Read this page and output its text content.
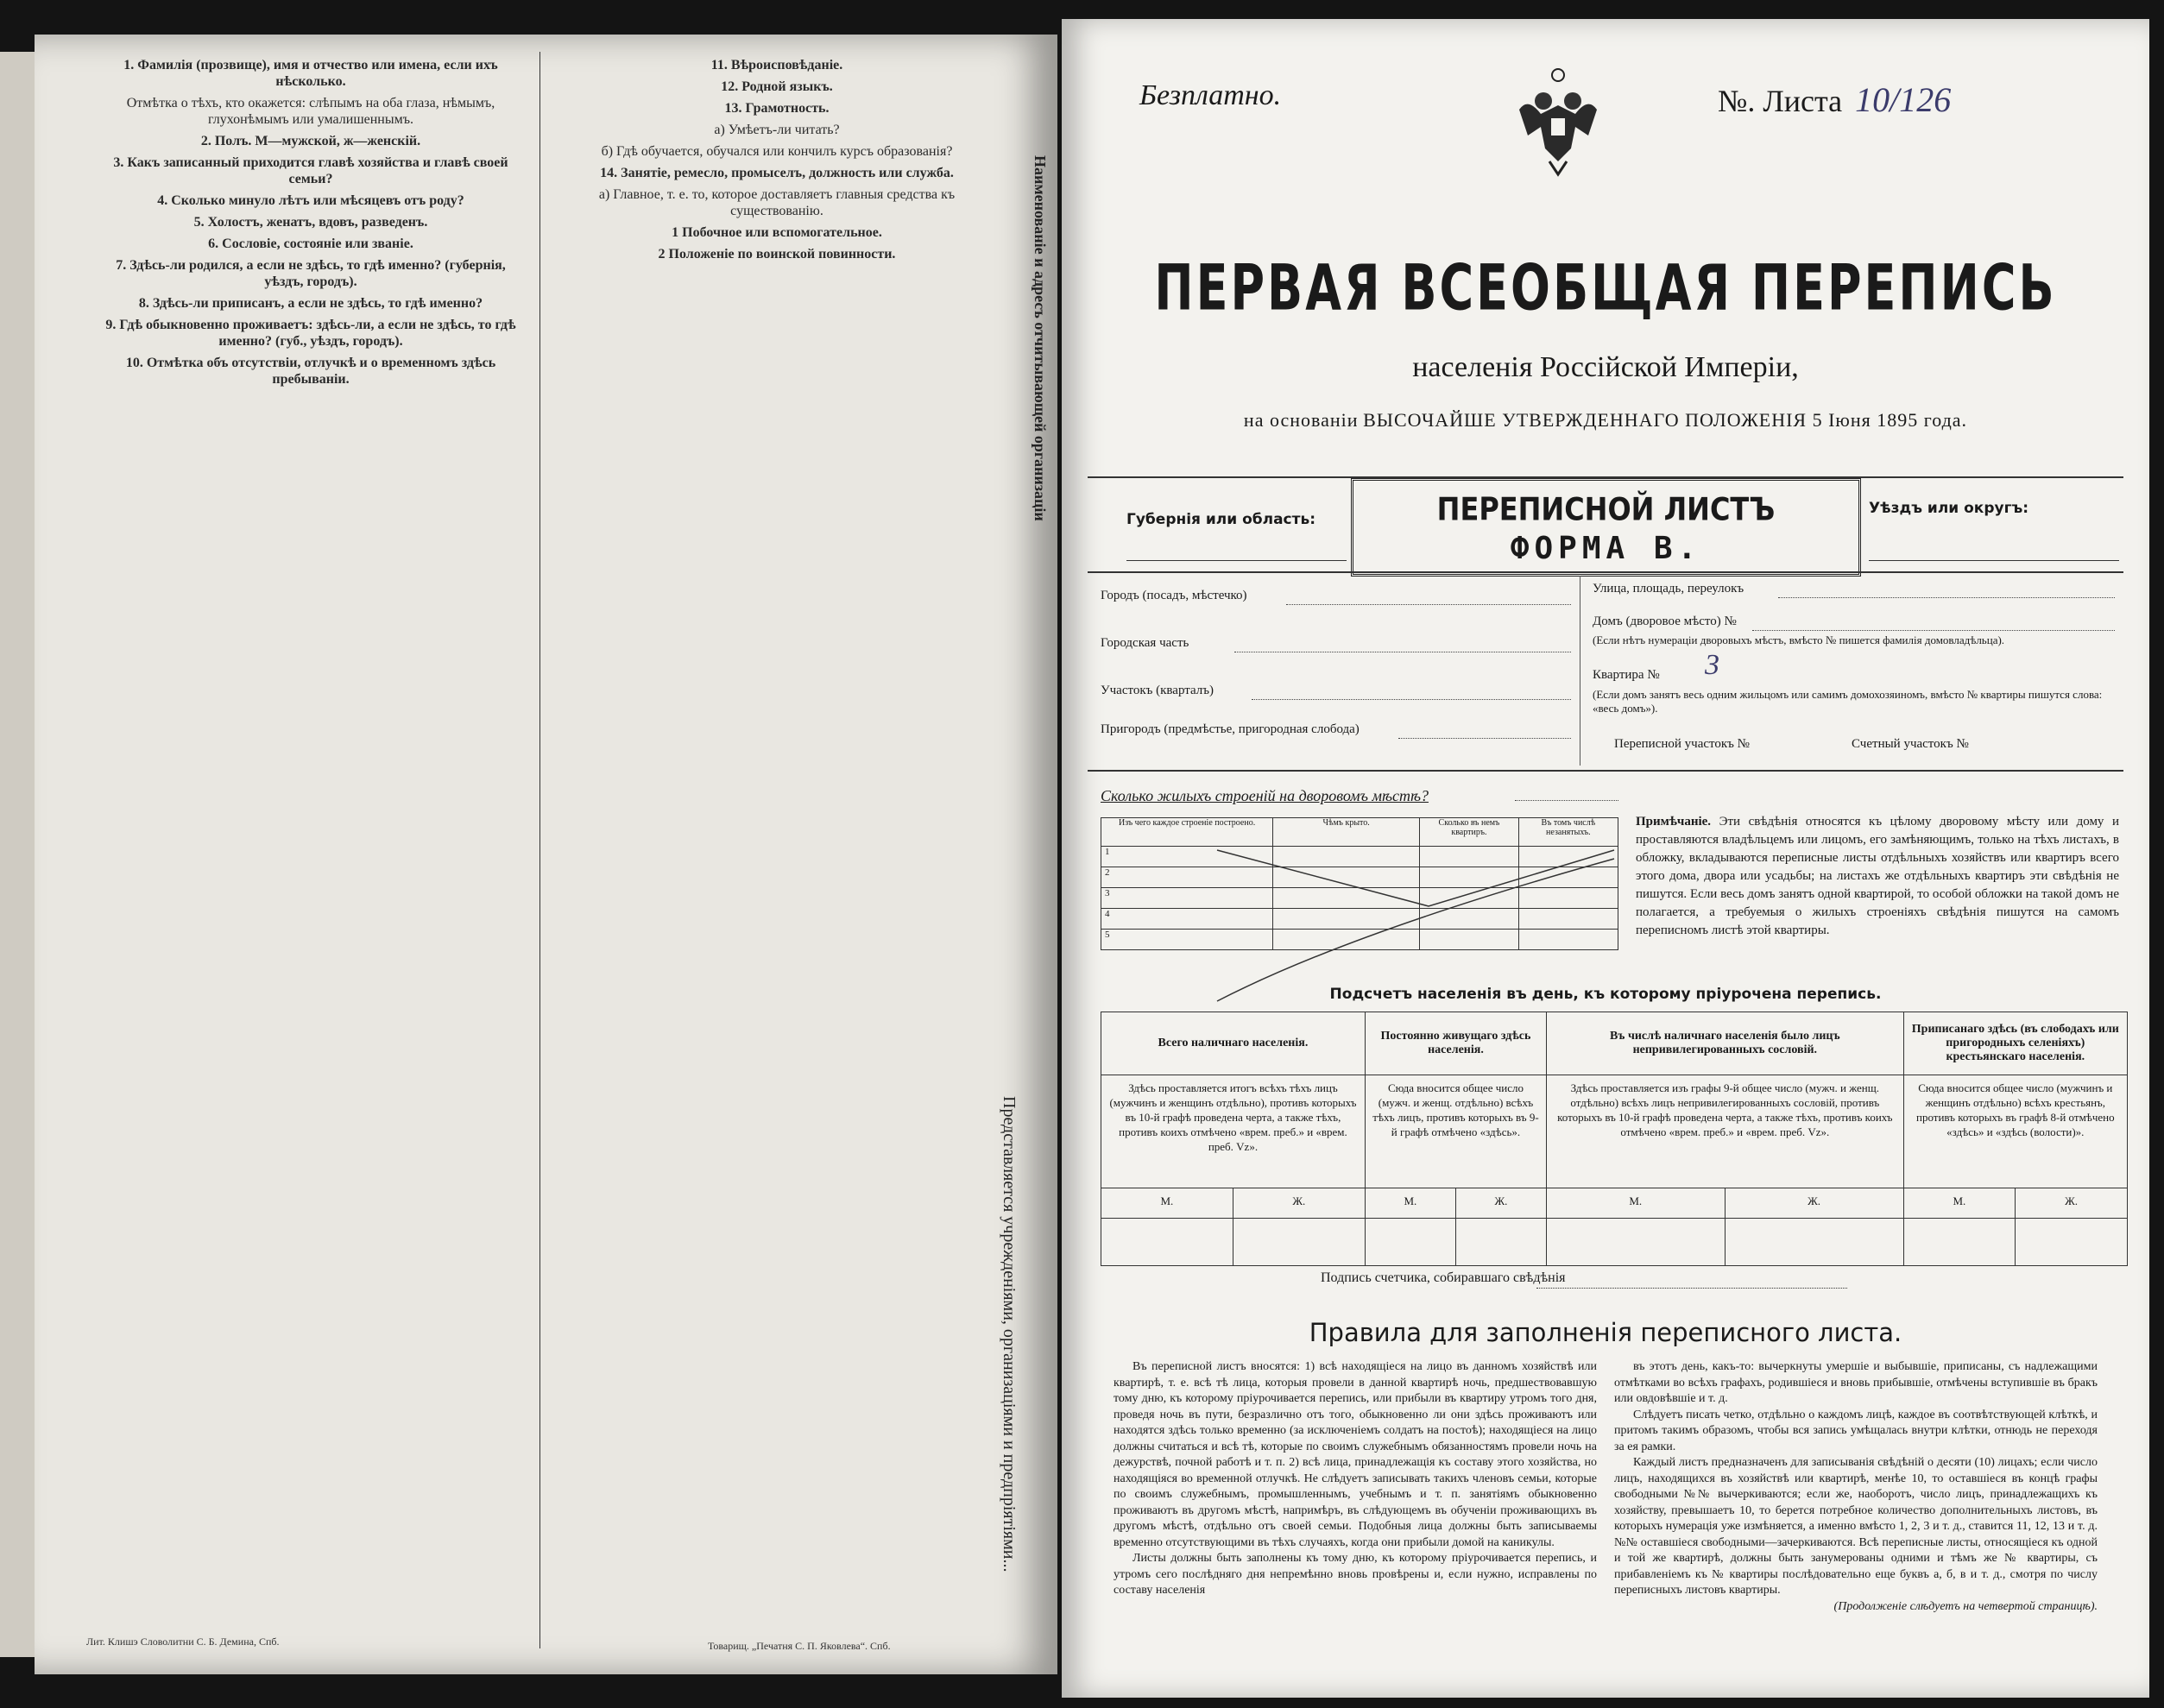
1. Фамилія (прозвище), имя и отчество или имена, если ихъ нѣсколько.
Отмѣтка о тѣхъ, кто окажется: слѣпымъ на оба глаза, нѣмымъ, глухонѣмымъ или умалишеннымъ.
2. Полъ. М—мужской, ж—женскій.
3. Какъ записанный приходится главѣ хозяйства и главѣ своей семьи?
4. Сколько минуло лѣтъ или мѣсяцевъ отъ роду?
5. Холостъ, женатъ, вдовъ, разведенъ.
6. Сословіе, состояніе или званіе.
7. Здѣсь-ли родился, а если не здѣсь, то гдѣ именно? (губернія, уѣздъ, городъ).
8. Здѣсь-ли приписанъ, а если не здѣсь, то гдѣ именно?
9. Гдѣ обыкновенно проживаетъ: здѣсь-ли, а если не здѣсь, то гдѣ именно? (губ., уѣздъ, городъ).
10. Отмѣтка объ отсутствіи, отлучкѣ и о временномъ здѣсь пребываніи.
Лит. Клишэ Словолитни С. Б. Демина, Спб.
11. Вѣроисповѣданіе.
12. Родной языкъ.
13. Грамотность.
а) Умѣетъ-ли читать?
б) Гдѣ обучается, обучался или кончилъ курсъ образованія?
14. Занятіе, ремесло, промыселъ, должность или служба.
а) Главное, т. е. то, которое доставляетъ главныя средства къ существованію.
1 Побочное или вспомогательное.
2 Положеніе по воинской повинности.
Товарищ. „Печатня С. П. Яковлева“. Спб.
Наименованіе и адресъ отчитывающей организаціи
Представляется учрежденіями, организаціями и предпріятіями...
Безплатно.	№. Листа 10/126
ПЕРВАЯ ВСЕОБЩАЯ ПЕРЕПИСЬ
населенія Россійской Имперіи,
на основаніи ВЫСОЧАЙШЕ УТВЕРЖДЕННАГО ПОЛОЖЕНІЯ 5 Іюня 1895 года.
Губернія или область:	ПЕРЕПИСНОЙ ЛИСТЪ
ФОРМА В.
Уѣздъ или округъ:
Городъ (посадъ, мѣстечко)
Городская часть
Участокъ (кварталъ)
Пригородъ (предмѣстье, пригородная слобода)
Улица, площадь, переулокъ
Домъ (дворовое мѣсто) №
(Если нѣтъ нумераціи дворовыхъ мѣстъ, вмѣсто № пишется фамилія домовладѣльца).
Квартира № 3
(Если домъ занятъ весь одним жильцомъ или самимъ домохозяиномъ, вмѣсто № квартиры пишутся слова: «весь домъ»).
Переписной участокъ №	Счетный участокъ №
Сколько жилыхъ строеній на дворовомъ мѣстѣ?
Изъ чего каждое строеніе построено.	Чѣмъ крыто.	Сколько въ немъ квартиръ.	Въ томъ числѣ незанятыхъ.
1			
2			
3			
4			
5			
Примѣчаніе. Эти свѣдѣнія относятся къ цѣлому дворовому мѣсту или дому и проставляются владѣльцемъ или лицомъ, его замѣняющимъ, только на тѣхъ листахъ, в обложку, вкладываются переписные листы отдѣльныхъ хозяйствъ или квартиръ всего этого дома, двора или усадьбы; на листахъ же отдѣльныхъ квартиръ эти свѣдѣнія не пишутся. Если весь домъ занятъ одной квартирой, то особой обложки на такой домъ не полагается, а требуемыя о жилыхъ строеніяхъ свѣдѣнія пишутся на самомъ переписномъ листѣ этой квартиры.
Подсчетъ населенія въ день, къ которому пріурочена перепись.
Всего наличнаго населенія.		Постоянно живущаго здѣсь населенія.		Въ числѣ наличнаго населенія было лицъ непривилегированныхъ сословій.		Приписанаго здѣсь (въ слободахъ или пригородныхъ селеніяхъ) крестьянскаго населенія.	
Здѣсь проставляется итогъ всѣхъ тѣхъ лицъ (мужчинъ и женщинъ отдѣльно), противъ которыхъ въ 10-й графѣ проведена черта, а также тѣхъ, противъ коихъ отмѣчено «врем. преб.» и «врем. преб. Vz».		Сюда вносится общее число (мужч. и женщ. отдѣльно) всѣхъ тѣхъ лицъ, противъ которыхъ въ 9-й графѣ отмѣчено «здѣсь».		Здѣсь проставляется изъ графы 9-й общее число (мужч. и женщ. отдѣльно) всѣхъ лицъ непривилегированныхъ сословій, противъ которыхъ въ 10-й графѣ проведена черта, а также тѣхъ, противъ коихъ отмѣчено «врем. преб.» и «врем. преб. Vz».		Сюда вносится общее число (мужчинъ и женщинъ отдѣльно) всѣхъ крестьянъ, противъ которыхъ въ графѣ 8-й отмѣчено «здѣсь» и «здѣсь (волости)».	
М.	Ж.	М.	Ж.	М.	Ж.	М.	Ж.

Подпись счетчика, собиравшаго свѣдѣнія
Правила для заполненія переписного листа.

Въ переписной листъ вносятся: 1) всѣ находящіеся на лицо въ данномъ хозяйствѣ или квартирѣ, т. е. всѣ тѣ лица, которыя прoвели в данной квартирѣ ночь, предшествовавшую тому дню, къ которому пріурочивается перепись, или прибыли въ квартиру утромъ того дня, проведя ночь въ пути, безразлично отъ того, обыкновенно ли они здѣсь проживаютъ или находятся здѣсь только временно (за исключеніемъ солдатъ на постоѣ); находящіеся на лицо должны считаться и всѣ тѣ, которые по своимъ служебнымъ обязанностямъ провели ночь на дежурствѣ, почной работѣ и т. п. 2) всѣ лица, принадлежащія къ составу этого хозяйства, но находящіяся во временной отлучкѣ. Не слѣдуетъ записывать такихъ членовъ семьи, которые по своимъ служебнымъ, промышленнымъ, учебнымъ и т. п. занятіямъ обыкновенно проживаютъ въ другомъ мѣстѣ, напримѣръ, въ слѣдующемъ въ обученіи проживающихъ въ другомъ мѣстѣ, отдѣльно отъ своей семьи. Подобныя лица должны быть записываемы временно отсутствующими въ тѣхъ случаяхъ, когда они прибыли домой на каникулы.

Листы должны быть заполнены къ тому дню, къ которому пріурочивается перепись, и утромъ сего послѣдняго дня непремѣнно вновь провѣрены и, если нужно, исправлены по составу населенія

въ этотъ день, какъ-то: вычеркнуты умершіе и выбывшіе, приписаны, съ надлежащими отмѣтками во всѣхъ графахъ, родившіеся и вновь прибывшіе, отмѣчены вступившіе въ бракъ или овдовѣвшіе и т. д.

Слѣдуетъ писать четко, отдѣльно о каждомъ лицѣ, каждое въ соотвѣтствующей клѣткѣ, и притомъ такимъ образомъ, чтобы вся запись умѣщалась внутри клѣтки, отнюдь не переходя за ея рамки.

Каждый листъ предназначенъ для записыванія свѣдѣній о десяти (10) лицахъ; если число лицъ, находящихся въ хозяйствѣ или квартирѣ, менѣе 10, то оставшіеся въ концѣ графы свободными №№ вычеркиваются; если же, наоборотъ, число лицъ, принадлежащихъ къ хозяйству, превышаетъ 10, то берется потребное количество дополнительныхъ листовъ, въ которыхъ нумерація уже измѣняется, а именно вмѣсто 1, 2, 3 и т. д., ставится 11, 12, 13 и т. д. №№ оставшіеся свободными—зачеркиваются. Всѣ переписные листы, относящіеся къ одной и той же квартирѣ, должны быть занумерованы одними и тѣмъ же № квартиры, съ прибавленіемъ къ № квартиры послѣдовательно еще буквъ а, б, в и т. д., смотря по числу переписныхъ листовъ квартиры.

(Продолженіе слѣдуетъ на четвертой страницѣ).
